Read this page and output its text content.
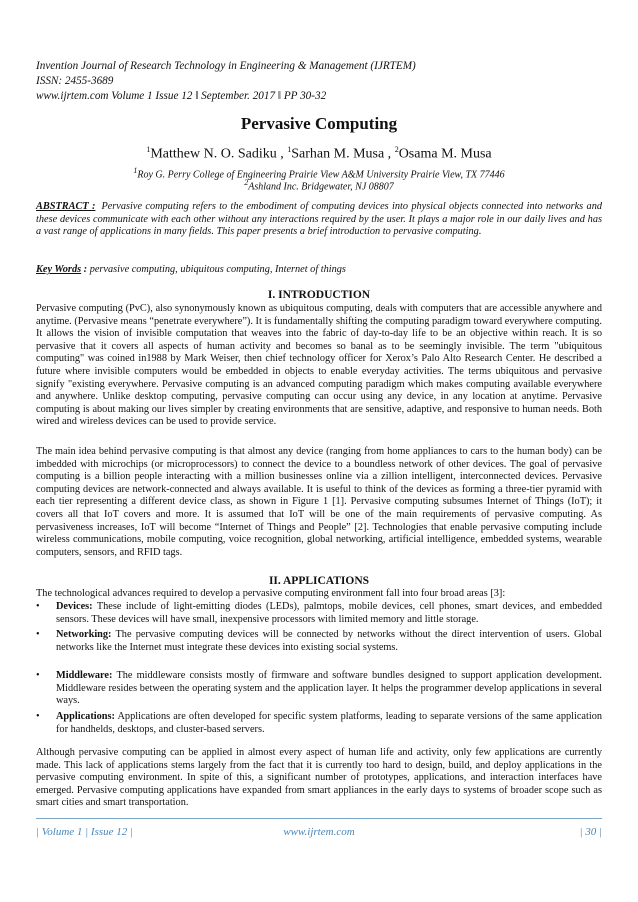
Invention Journal of Research Technology in Engineering & Management (IJRTEM)
ISSN: 2455-3689
www.ijrtem.com Volume 1 Issue 12 ǁ September. 2017 ǁ PP 30-32
Pervasive Computing
$^1$Matthew N. O. Sadiku , $^1$Sarhan M. Musa , $^2$Osama M. Musa
$^1$Roy G. Perry College of Engineering Prairie View A&M University Prairie View, TX 77446
$^2$Ashland Inc. Bridgewater, NJ 08807
ABSTRACT : Pervasive computing refers to the embodiment of computing devices into physical objects connected into networks and these devices communicate with each other without any interactions required by the user. It plays a major role in our daily lives and has a vast range of applications in many fields. This paper presents a brief introduction to pervasive computing.
Key Words : pervasive computing, ubiquitous computing, Internet of things
I. INTRODUCTION
Pervasive computing (PvC), also synonymously known as ubiquitous computing, deals with computers that are accessible anywhere and anytime. (Pervasive means “penetrate everywhere”). It is fundamentally shifting the computing paradigm toward everywhere computing. It allows the vision of invisible computation that weaves into the fabric of day-to-day life to be an objective within reach. It is so pervasive that it covers all aspects of human activity and becomes so banal as to be seemingly invisible. The term "ubiquitous computing" was coined in1988 by Mark Weiser, then chief technology officer for Xerox’s Palo Alto Research Center. He described a future where invisible computers would be embedded in objects to enable everyday activities. The terms ubiquitous and pervasive signify "existing everywhere. Pervasive computing is an advanced computing paradigm which makes computing available everywhere and anywhere. Unlike desktop computing, pervasive computing can occur using any device, in any location at anytime. Pervasive computing is about making our lives simpler by creating environments that are sensitive, adaptive, and responsive to human needs. Both wired and wireless devices can be used to provide service.
The main idea behind pervasive computing is that almost any device (ranging from home appliances to cars to the human body) can be imbedded with microchips (or microprocessors) to connect the device to a boundless network of other devices. The goal of pervasive computing is a billion people interacting with a million businesses online via a zillion intelligent, interconnected devices. Pervasive computing devices are network-connected and always available. It is useful to think of the devices as forming a three-tier pyramid with each tier representing a different device class, as shown in Figure 1 [1]. Pervasive computing subsumes Internet of Things (IoT); it covers all that IoT covers and more. It is assumed that IoT will be one of the main requirements of pervasive computing. As pervasiveness increases, IoT will become “Internet of Things and People” [2]. Technologies that enable pervasive computing include wireless communications, mobile computing, voice recognition, global networking, artificial intelligence, embedded systems, wearable computers, sensors, and RFID tags.
II. APPLICATIONS
The technological advances required to develop a pervasive computing environment fall into four broad areas [3]:
• Devices: These include of light-emitting diodes (LEDs), palmtops, mobile devices, cell phones, smart devices, and embedded sensors. These devices will have small, inexpensive processors with limited memory and little storage.
• Networking: The pervasive computing devices will be connected by networks without the direct intervention of users. Global networks like the Internet must integrate these devices into existing social systems.
• Middleware: The middleware consists mostly of firmware and software bundles designed to support application development. Middleware resides between the operating system and the application layer. It helps the programmer develop applications in several ways.
• Applications: Applications are often developed for specific system platforms, leading to separate versions of the same application for handhelds, desktops, and cluster-based servers.
Although pervasive computing can be applied in almost every aspect of human life and activity, only few applications are currently made. This lack of applications stems largely from the fact that it is currently too hard to design, build, and deploy applications in the pervasive computing environment. In spite of this, a significant number of prototypes, applications, and interaction interfaces have emerged. Pervasive computing applications have expanded from smart appliances in the early days to systems of broader scope such as smart cities and smart transportation.
| Volume 1 | Issue 12 |	www.ijrtem.com	| 30 |
